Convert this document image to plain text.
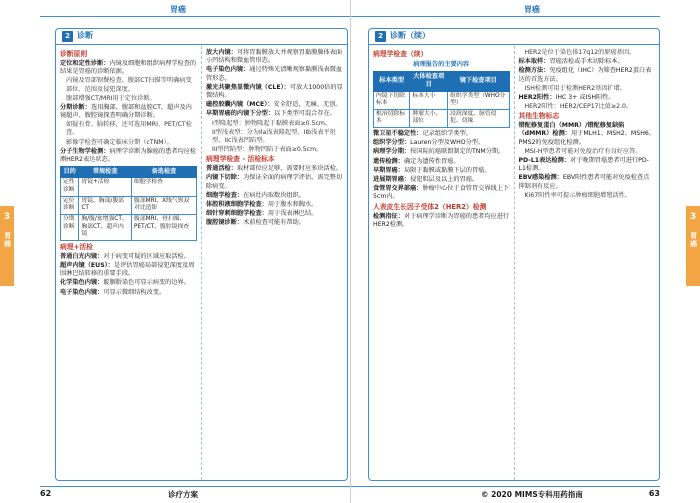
胃癌
3
胃癌
2 诊断
诊断原则
定位和定性诊断：内镜及细胞和组织病理学检查的结果是胃癌的诊断依据。
内镜及胃部钡餐检查、腹部CT扫描等明确病变部位、范围及侵犯深度。
腹部增强CT/MRI用于定位诊断。
分期诊断：选用胸部、腹部和盆腔CT，超声及内镜超声、腹腔镜探查明确分期诊断。
如疑有骨、脑转移，还可选用MRI、PET/CT检查。
影像学检查可确定临床分期（cTNM）。
分子生物学检测：病理学诊断为腺癌的患者均应检测HER2表达状态。
目的	常规检查	备选检查
定性诊断	胃镜+活检	细胞学检查
定位诊断	胃镜、胸部/腹部CT	腹部MRI、X线气钡双对比造影
分期诊断	胸/腹/盆增强CT、胸部CT、超声内镜	腹部MRI、骨扫描、PET/CT、腹腔镜探查
病理+活检
普通白光内镜：对于病变可疑的区域应取活检。
超声内镜（EUS）：是评估胃癌局部侵犯深度及周围淋巴结转移的重要手段。
化学染色内镜：靛胭脂染色可显示病变的边界。
电子染色内镜：可显示微细结构改变。
放大内镜：可将胃黏膜放大并观察胃黏膜腺体表面小凹结构和微血管形态。
电子染色内镜：通过特殊光清晰观察黏膜浅表微血管形态。
激光共聚焦显微内镜（CLE）：可放大1000倍的显微结构。
磁控胶囊内镜（MCE）：安全舒适，无痛、无创。
早期胃癌的内镜下分型：以下类型可混合存在。
I型隆起型：肿物隆起于黏膜表面≥0.5cm。
II型浅表型：分为IIa浅表隆起型、IIb浅表平坦型、IIc浅表凹陷型。
III型凹陷型：肿物凹陷于表面≥0.5cm。
病理学检查 - 活检标本
普通活检：取材部位应足够，需要时应多块活检。
内镜下切除：为保证全面的病理学评估，需完整切除病变。
细胞学检查：在病灶内取数块组织。
体腔积液细胞学检查：用于腹水和胸水。
细针穿刺细胞学检查：用于浅表淋巴结。
腹腔镜诊断：术前检查可能有帮助。
62	诊疗方案
胃癌
3
胃癌
2 诊断（续）
病理学检查（续）
病理报告的主要内容
标本类型	大体检查项目	镜下检查项目
内镜下切除标本	标本大小	组织学类型（WHO分型）
根治切除标本	肿瘤大小、部位	浸润深度、脉管侵犯、切缘
微卫星不稳定性：记录组织学类型。
组织学分型：Lauren分型及WHO分型。
病理学分期：按国际抗癌联盟制定的TNM分期。
遗传检测：确定为遗传性胃癌。
早期胃癌：局限于黏膜或黏膜下层的胃癌。
进展期胃癌：侵犯肌层及以上的胃癌。
食管胃交界部癌：肿瘤中心位于食管胃交界线上下5cm内。
人表皮生长因子受体2（HER2）检测
检测指征：对于病理学诊断为胃癌的患者均应进行HER2检测。
HER2是位于染色体17q12的原癌基因。
标本取样：胃癌活检或手术切除标本。
检测方法：免疫组化（IHC）为筛查HER2蛋白表达的首选方法。
ISH检测可用于检测HER2基因扩增。
HER2阳性：IHC 3+ 或ISH阳性。
HER2阳性：HER2/CEP17比值≥2.0。
其他生物标志
错配修复蛋白（MMR）/错配修复缺陷（dMMR）检测：用于MLH1、MSH2、MSH6、PMS2的免疫组化检测。
MSI-H型患者可能对免疫治疗有良好应答。
PD-L1表达检测：对于晚期胃癌患者可进行PD-L1检测。
EBV感染检测：EBV阳性患者可能对免疫检查点抑制剂有反应。
Ki67阳性率可提示肿瘤细胞增殖活性。
© 2020 MIMS专科用药指南	63
